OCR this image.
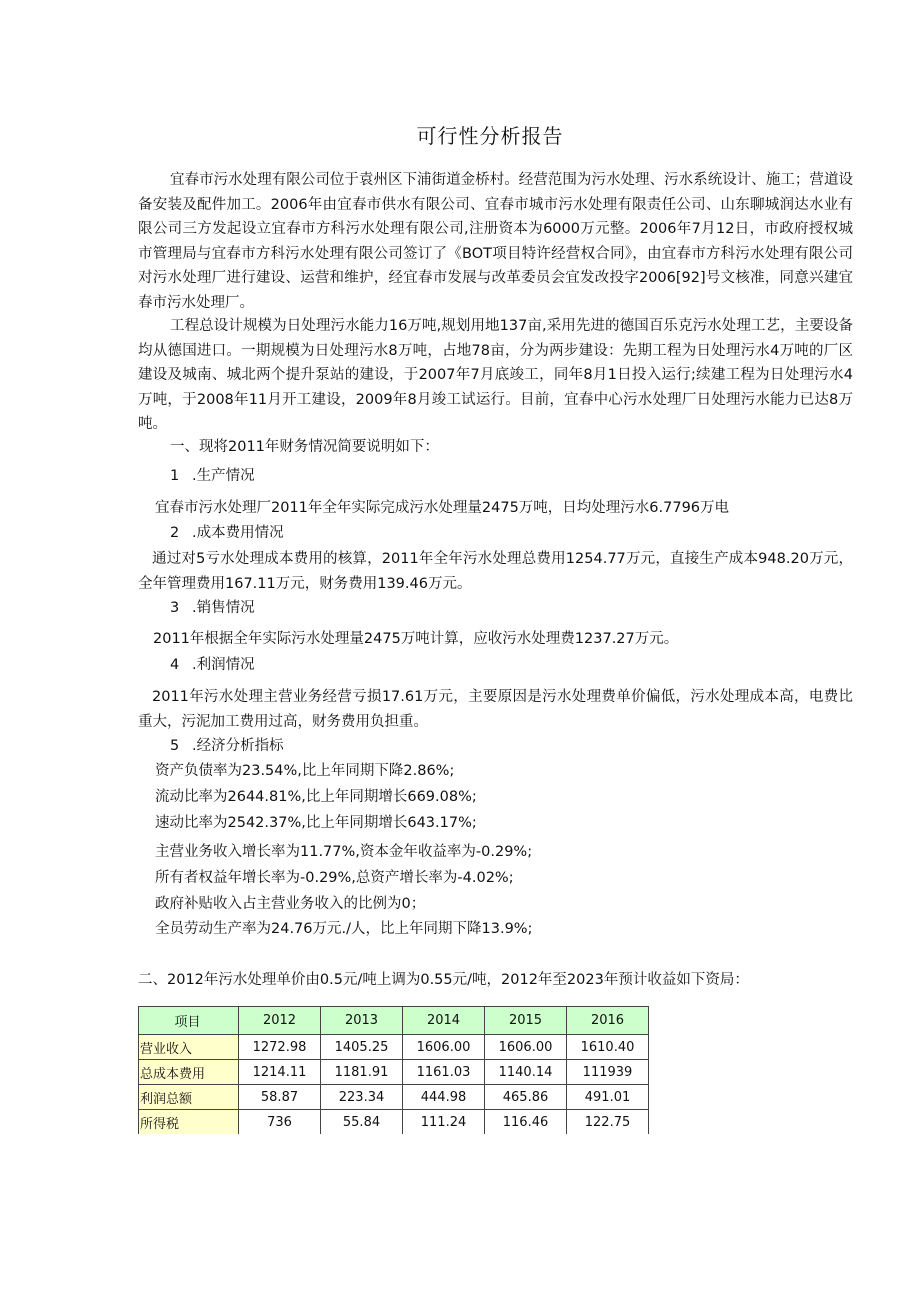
可行性分析报告

宜春市污水处理有限公司位于袁州区下浦街道金桥村。经营范围为污水处理、污水系统设计、施工；营道设备安装及配件加工。2006年由宜春市供水有限公司、宜春市城市污水处理有限责任公司、山东聊城润达水业有限公司三方发起设立宜春市方科污水处理有限公司,注册资本为6000万元整。2006年7月12日，市政府授权城市管理局与宜春市方科污水处理有限公司签订了《BOT项目特许经营权合同》，由宜春市方科污水处理有限公司对污水处理厂进行建设、运营和维护，经宜春市发展与改革委员会宜发改投字2006[92]号文核准，同意兴建宜春市污水处理厂。

工程总设计规模为日处理污水能力16万吨,规划用地137亩,采用先进的德国百乐克污水处理工艺，主要设备均从德国进口。一期规模为日处理污水8万吨，占地78亩，分为两步建设：先期工程为日处理污水4万吨的厂区建设及城南、城北两个提升泵站的建设，于2007年7月底竣工，同年8月1日投入运行;续建工程为日处理污水4万吨，于2008年11月开工建设，2009年8月竣工试运行。目前，宜春中心污水处理厂日处理污水能力已达8万吨。

一、现将2011年财务情况简要说明如下：

1 .生产情况

宜春市污水处理厂2011年全年实际完成污水处理量2475万吨，日均处理污水6.7796万电

2 .成本费用情况

通过对5亏水处理成本费用的核算，2011年全年污水处理总费用1254.77万元，直接生产成本948.20万元，全年管理费用167.11万元，财务费用139.46万元。

3 .销售情况

2011年根据全年实际污水处理量2475万吨计算，应收污水处理费1237.27万元。

4 .利润情况

2011年污水处理主营业务经营亏损17.61万元，主要原因是污水处理费单价偏低，污水处理成本高，电费比重大，污泥加工费用过高，财务费用负担重。

5 .经济分析指标

资产负债率为23.54%,比上年同期下降2.86%;

流动比率为2644.81%,比上年同期增长669.08%;

速动比率为2542.37%,比上年同期增长643.17%;

主营业务收入增长率为11.77%,资本金年收益率为-0.29%;

所有者权益年增长率为-0.29%,总资产增长率为-4.02%;

政府补贴收入占主营业务收入的比例为0；

全员劳动生产率为24.76万元./人，比上年同期下降13.9%;

二、2012年污水处理单价由0.5元/吨上调为0.55元/吨，2012年至2023年预计收益如下资局：

项目	2012	2013	2014	2015	2016
营业收入	1272.98	1405.25	1606.00	1606.00	1610.40
总成本费用	1214.11	1181.91	1161.03	1140.14	111939
利润总额	58.87	223.34	444.98	465.86	491.01
所得税	736	55.84	111.24	116.46	122.75
